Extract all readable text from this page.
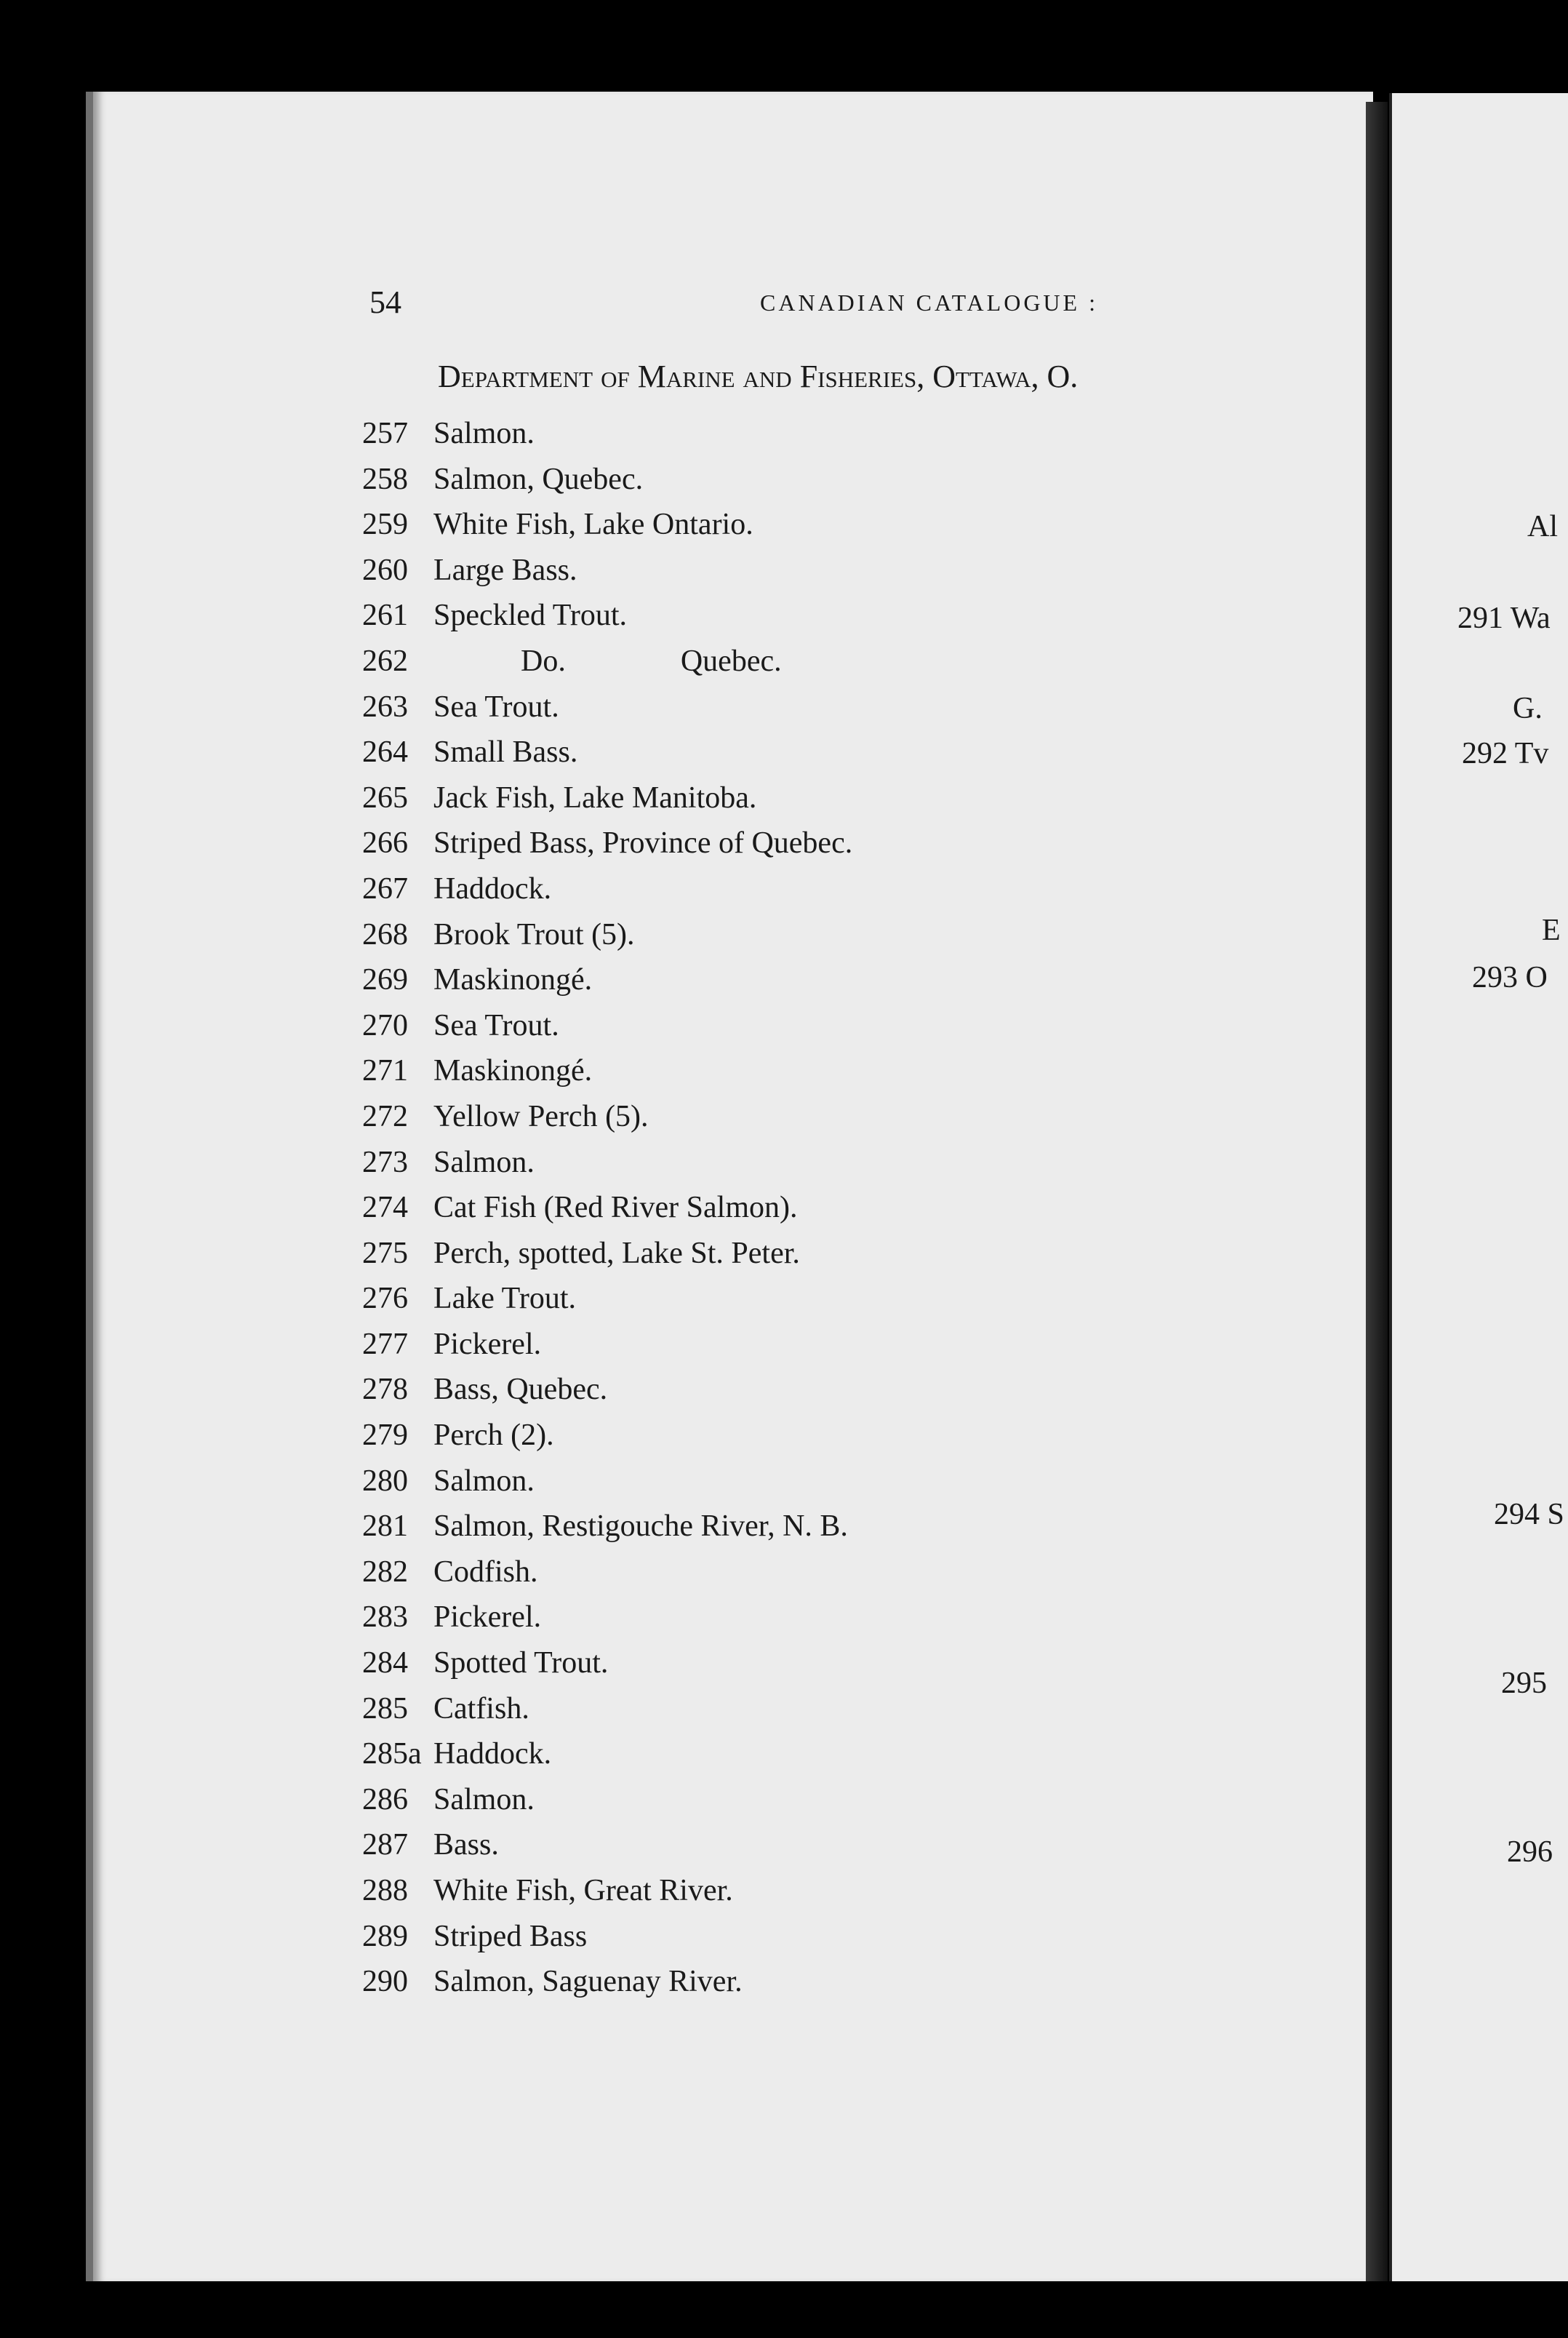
54	CANADIAN CATALOGUE :
Department of Marine and Fisheries, Ottawa, O.
257 Salmon.
258 Salmon, Quebec.
259 White Fish, Lake Ontario.
260 Large Bass.
261 Speckled Trout.
262	Do.	Quebec.
263 Sea Trout.
264 Small Bass.
265 Jack Fish, Lake Manitoba.
266 Striped Bass, Province of Quebec.
267 Haddock.
268 Brook Trout (5).
269 Maskinongé.
270 Sea Trout.
271 Maskinongé.
272 Yellow Perch (5).
273 Salmon.
274 Cat Fish (Red River Salmon).
275 Perch, spotted, Lake St. Peter.
276 Lake Trout.
277 Pickerel.
278 Bass, Quebec.
279 Perch (2).
280 Salmon.
281 Salmon, Restigouche River, N. B.
282 Codfish.
283 Pickerel.
284 Spotted Trout.
285 Catfish.
285a Haddock.
286 Salmon.
287 Bass.
288 White Fish, Great River.
289 Striped Bass
290 Salmon, Saguenay River.
Al
291 Wa
G.
292 Tv
E
293 O
294 S
295
296
